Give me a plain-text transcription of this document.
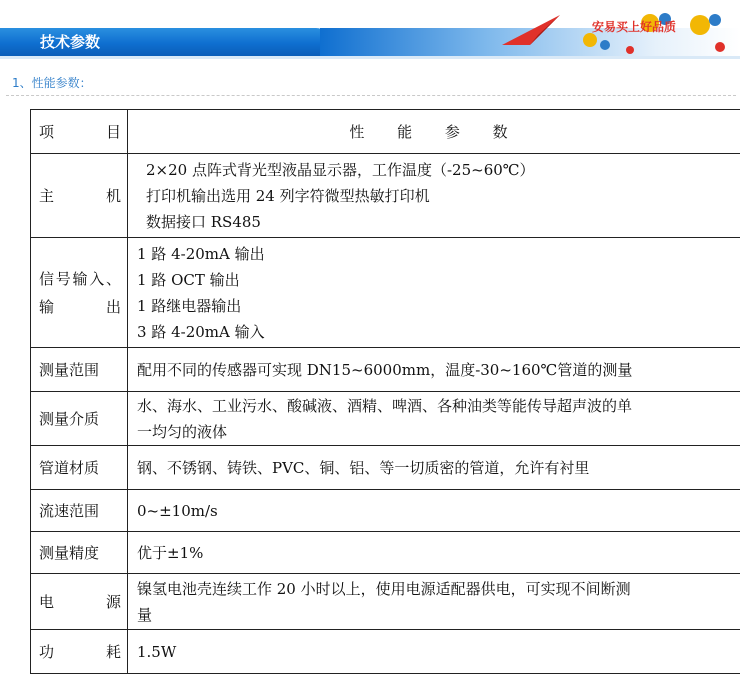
技术参数
安易买上好品质
1、性能参数：
项 目	性 能 参 数
主 机	2×20 点阵式背光型液晶显示器，工作温度（-25~60℃）
打印机输出选用 24 列字符微型热敏打印机
数据接口 RS485

信号输入、输出	1 路 4-20mA 输出
1 路 OCT 输出
1 路继电器输出
3 路 4-20mA 输入

测量范围	配用不同的传感器可实现 DN15~6000mm，温度-30~160℃管道的测量

测量介质	水、海水、工业污水、酸碱液、酒精、啤酒、各种油类等能传导超声波的单
一均匀的液体

管道材质	钢、不锈钢、铸铁、PVC、铜、铝、等一切质密的管道，允许有衬里

流速范围	0~±10m/s

测量精度	优于±1%

电 源	镍氢电池壳连续工作 20 小时以上，使用电源适配器供电，可实现不间断测
量

功 耗	1.5W
